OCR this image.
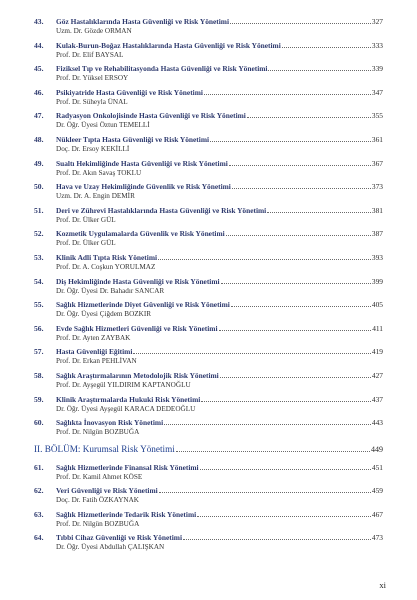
43.	Göz Hastalıklarında Hasta Güvenliği ve Risk Yönetimi	327
Uzm. Dr. Gözde ORMAN
44.	Kulak-Burun-Boğaz Hastalıklarında Hasta Güvenliği ve Risk Yönetimi	333
Prof. Dr. Elif BAYSAL
45.	Fiziksel Tıp ve Rehabilitasyonda Hasta Güvenliği ve Risk Yönetimi	339
Prof. Dr. Yüksel ERSOY
46.	Psikiyatride Hasta Güvenliği ve Risk Yönetimi	347
Prof. Dr. Süheyla ÜNAL
47.	Radyasyon Onkolojisinde Hasta Güvenliği ve Risk Yönetimi	355
Dr. Öğr. Üyesi Öztun TEMELLİ
48.	Nükleer Tıpta Hasta Güvenliği ve Risk Yönetimi	361
Doç. Dr. Ersoy KEKİLLİ
49.	Sualtı Hekimliğinde Hasta Güvenliği ve Risk Yönetimi	367
Prof. Dr. Akın Savaş TOKLU
50.	Hava ve Uzay Hekimliğinde Güvenlik ve Risk Yönetimi	373
Uzm. Dr. A. Engin DEMİR
51.	Deri ve Zührevi Hastalıklarında Hasta Güvenliği ve Risk Yönetimi	381
Prof. Dr. Ülker GÜL
52.	Kozmetik Uygulamalarda Güvenlik ve Risk Yönetimi	387
Prof. Dr. Ülker GÜL
53.	Klinik Adli Tıpta Risk Yönetimi	393
Prof. Dr. A. Coşkun YORULMAZ
54.	Diş Hekimliğinde Hasta Güvenliği ve Risk Yönetimi	399
Dr. Öğr. Üyesi Dr. Bahadır SANCAR
55.	Sağlık Hizmetlerinde Diyet Güvenliği ve Risk Yönetimi	405
Dr. Öğr. Üyesi Çiğdem BOZKIR
56.	Evde Sağlık Hizmetleri Güvenliği ve Risk Yönetimi	411
Prof. Dr. Ayten ZAYBAK
57.	Hasta Güvenliği Eğitimi	419
Prof. Dr. Erkan PEHLİVAN
58.	Sağlık Araştırmalarının Metodolojik Risk Yönetimi	427
Prof. Dr. Ayşegül YILDIRIM KAPTANOĞLU
59.	Klinik Araştırmalarda Hukuki Risk Yönetimi	437
Dr. Öğr. Üyesi Ayşegül KARACA DEDEOĞLU
60.	Sağlıkta İnovasyon Risk Yönetimi	443
Prof. Dr. Nilgün BOZBUĞA
II. BÖLÜM: Kurumsal Risk Yönetimi	449
61.	Sağlık Hizmetlerinde Finansal Risk Yönetimi	451
Prof. Dr. Kamil Ahmet KÖSE
62.	Veri Güvenliği ve Risk Yönetimi	459
Doç. Dr. Fatih ÖZKAYNAK
63.	Sağlık Hizmetlerinde Tedarik Risk Yönetimi	467
Prof. Dr. Nilgün BOZBUĞA
64.	Tıbbi Cihaz Güvenliği ve Risk Yönetimi	473
Dr. Öğr. Üyesi Abdullah ÇALIŞKAN
xi
